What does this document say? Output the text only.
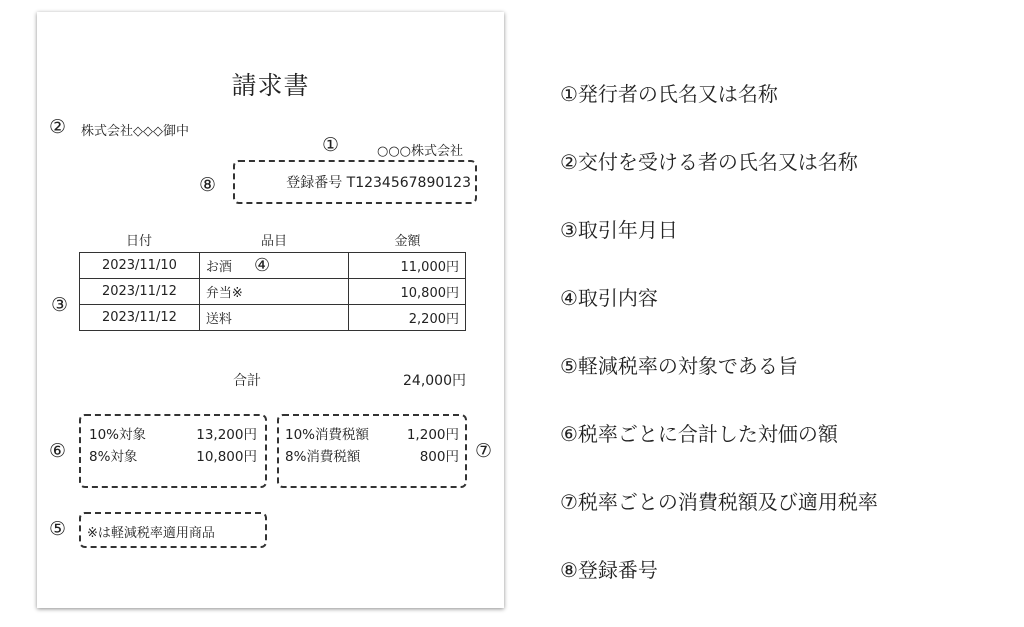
請求書
② 株式会社◇◇◇御中
①	○○○株式会社
⑧	登録番号 T1234567890123
日付	品目	金額
③
2023/11/10	お酒 ④	11,000円
2023/11/12	弁当※	10,800円
2023/11/12	送料	2,200円
合計	24,000円
⑥
10%対象	13,200円
8%対象	10,800円
10%消費税額	1,200円
8%消費税額	800円 ⑦
⑤ ※は軽減税率適用商品
①発行者の氏名又は名称
②交付を受ける者の氏名又は名称
③取引年月日
④取引内容
⑤軽減税率の対象である旨
⑥税率ごとに合計した対価の額
⑦税率ごとの消費税額及び適用税率
⑧登録番号
